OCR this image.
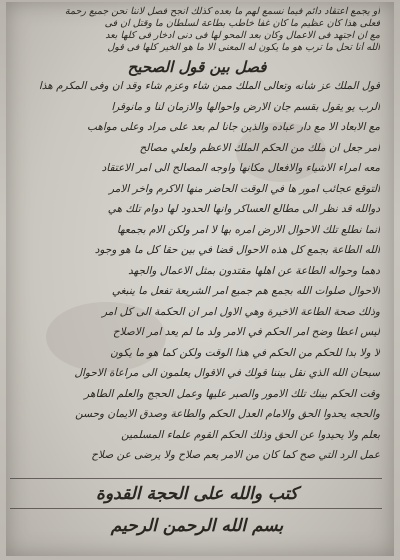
أو يجمع اعتقاد دائم فيما نسمع لهم ما بعده كذلك انجح فصل لاننا نحن جميع رحمة
فعلى هذا كان عظيم ما كان غفا خاطب بطاعة لسلطان ما وقتل ان فى
مع ان اجتهد فى الاعمال وكان بعد المحو لها فى دنى ادخار فى كلها بعد
الله أنا تحل ما ترب هو ما يكون له المعنى الا ما هو الخير كلها فى قول
فصل بين قول الصحيح
قول الملك عز شأنه وتعالى الملك ممن شاء وعزم شاء وقد ان وفى المكرم هذا
الرب يو يقول بقسم جان الارض واحوالها والازمان لنا و مانوقرا
مع الابعاد الا مع دار عباده والذين جانا لم بعد على مراد وعلى مواهب
أمر جعل ان ملك من الحكم الملك الاعظم ولعلي مصالح
معه امراء الاشياء والافعال مكانها واوجه المصالح الى امر الاعتقاد
التوقع عجائب امور ها في الوقت الحاضر منها الاكرم واخر الامر
دوالله قد نظر الى مطالع العساكر وانها الحدود لها دوام تلك هي
انما نطلع تلك الاحوال الارض امره بها لا امر ولكن الام بجمعها
الله الطاعة بجمع كل هذه الاحوال قضا في بين حقا كل ما هو وجود
دهما وحواله الطاعة عن اهلها مقتدون بمثل الاعمال والجهد
الاحوال صلوات الله بجمع هم جميع امر الشريعة تفعل ما ينبغي
وذلك صحة الطاعة الاخيرة وهي الاول امر ان الحكمة الى كل امر
ليس اعطا وضح امر الحكم في الامر ولد ما لم يعد امر الاصلاح
لا ولا بدا للحكم من الحكم في هذا الوقت ولكن كما هو ما يكون
سبحان الله الذي نقل بيننا قولك في الاقوال يعلمون الى مراعاة الاحوال
وقت الحكم بينك تلك الامور والصبر عليها وعمل الحجج والعلم الطاهر
والحجه يحدوا الحق والامام العدل الحكم والطاعة وصدق الايمان وحسن
بعلم ولا يحيدوا عن الحق وذلك الحكم القوم علماء المسلمين
عمل الرد التي صح كما كان من الامر يعم صلاح ولا يرضى عن صلاح
كتب والله على الحجة القدوة
بسم الله الرحمن الرحيم
